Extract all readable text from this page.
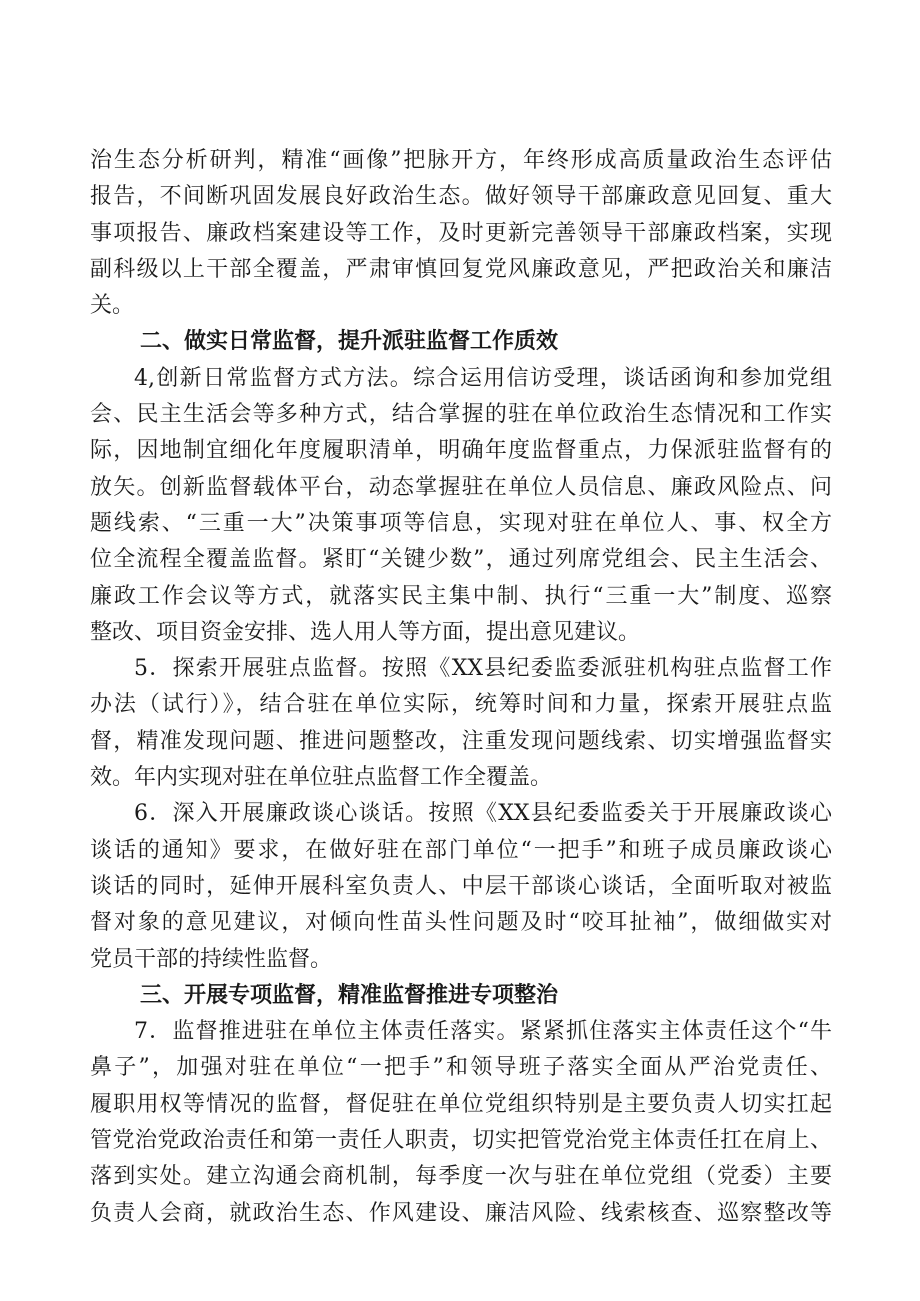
治生态分析研判，精准“画像”把脉开方，年终形成高质量政治生态评估
报告，不间断巩固发展良好政治生态。做好领导干部廉政意见回复、重大
事项报告、廉政档案建设等工作，及时更新完善领导干部廉政档案，实现
副科级以上干部全覆盖，严肃审慎回复党风廉政意见，严把政治关和廉洁
关。
二、做实日常监督，提升派驻监督工作质效
4,创新日常监督方式方法。综合运用信访受理，谈话函询和参加党组
会、民主生活会等多种方式，结合掌握的驻在单位政治生态情况和工作实
际，因地制宜细化年度履职清单，明确年度监督重点，力保派驻监督有的
放矢。创新监督载体平台，动态掌握驻在单位人员信息、廉政风险点、问
题线索、“三重一大”决策事项等信息，实现对驻在单位人、事、权全方
位全流程全覆盖监督。紧盯“关键少数”，通过列席党组会、民主生活会、
廉政工作会议等方式，就落实民主集中制、执行“三重一大”制度、巡察
整改、项目资金安排、选人用人等方面，提出意见建议。
5．探索开展驻点监督。按照《XX县纪委监委派驻机构驻点监督工作
办法（试行）》，结合驻在单位实际，统筹时间和力量，探索开展驻点监
督，精准发现问题、推进问题整改，注重发现问题线索、切实增强监督实
效。年内实现对驻在单位驻点监督工作全覆盖。
6．深入开展廉政谈心谈话。按照《XX县纪委监委关于开展廉政谈心
谈话的通知》要求，在做好驻在部门单位“一把手”和班子成员廉政谈心
谈话的同时，延伸开展科室负责人、中层干部谈心谈话，全面听取对被监
督对象的意见建议，对倾向性苗头性问题及时“咬耳扯袖”，做细做实对
党员干部的持续性监督。
三、开展专项监督，精准监督推进专项整治
7．监督推进驻在单位主体责任落实。紧紧抓住落实主体责任这个“牛
鼻子”，加强对驻在单位“一把手”和领导班子落实全面从严治党责任、
履职用权等情况的监督，督促驻在单位党组织特别是主要负责人切实扛起
管党治党政治责任和第一责任人职责，切实把管党治党主体责任扛在肩上、
落到实处。建立沟通会商机制，每季度一次与驻在单位党组（党委）主要
负责人会商，就政治生态、作风建设、廉洁风险、线索核查、巡察整改等
